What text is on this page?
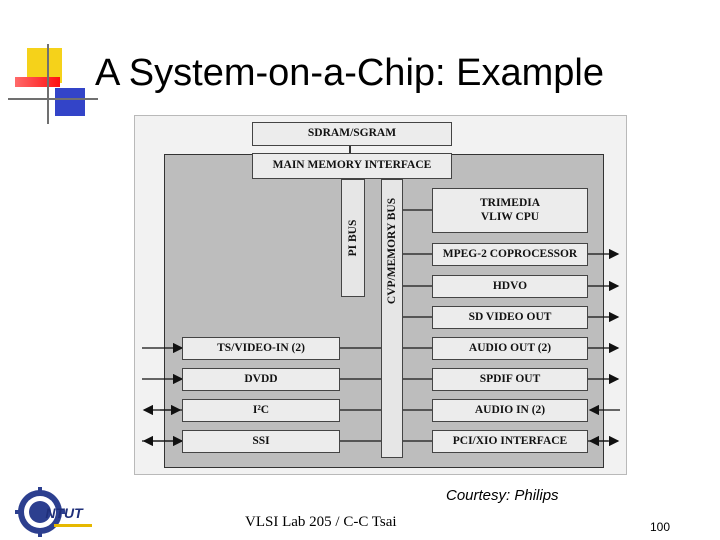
A System-on-a-Chip: Example
SDRAM/SGRAM
MAIN MEMORY INTERFACE
PI BUS CVP/MEMORY BUS	TRIMEDIA
VLIW CPU
MPEG-2 COPROCESSOR
HDVO
SD VIDEO OUT
AUDIO OUT (2)
SPDIF OUT
AUDIO IN (2)
PCI/XIO INTERFACE
TS/VIDEO-IN (2)
DVDD
I²C
SSI
Courtesy: Philips
NTUT
VLSI Lab 205 / C-C Tsai	100
